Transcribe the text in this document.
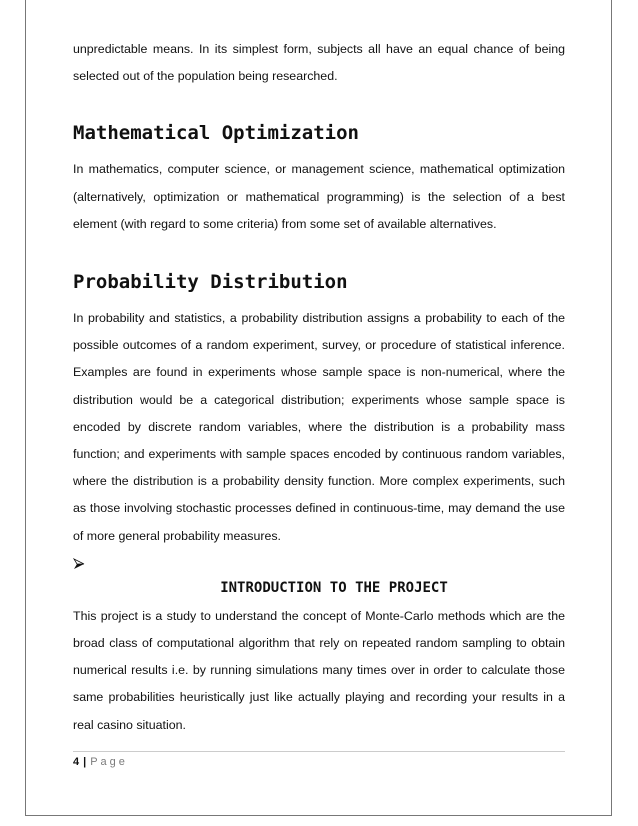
unpredictable means. In its simplest form, subjects all have an equal chance of being selected out of the population being researched.

Mathematical Optimization

In mathematics, computer science, or management science, mathematical optimization (alternatively, optimization or mathematical programming) is the selection of a best element (with regard to some criteria) from some set of available alternatives.

Probability Distribution

In probability and statistics, a probability distribution assigns a probability to each of the possible outcomes of a random experiment, survey, or procedure of statistical inference. Examples are found in experiments whose sample space is non-numerical, where the distribution would be a categorical distribution; experiments whose sample space is encoded by discrete random variables, where the distribution is a probability mass function; and experiments with sample spaces encoded by continuous random variables, where the distribution is a probability density function. More complex experiments, such as those involving stochastic processes defined in continuous-time, may demand the use of more general probability measures.

INTRODUCTION TO THE PROJECT

This project is a study to understand the concept of Monte-Carlo methods which are the broad class of computational algorithm that rely on repeated random sampling to obtain numerical results i.e. by running simulations many times over in order to calculate those same probabilities heuristically just like actually playing and recording your results in a real casino situation.

4 | Page
